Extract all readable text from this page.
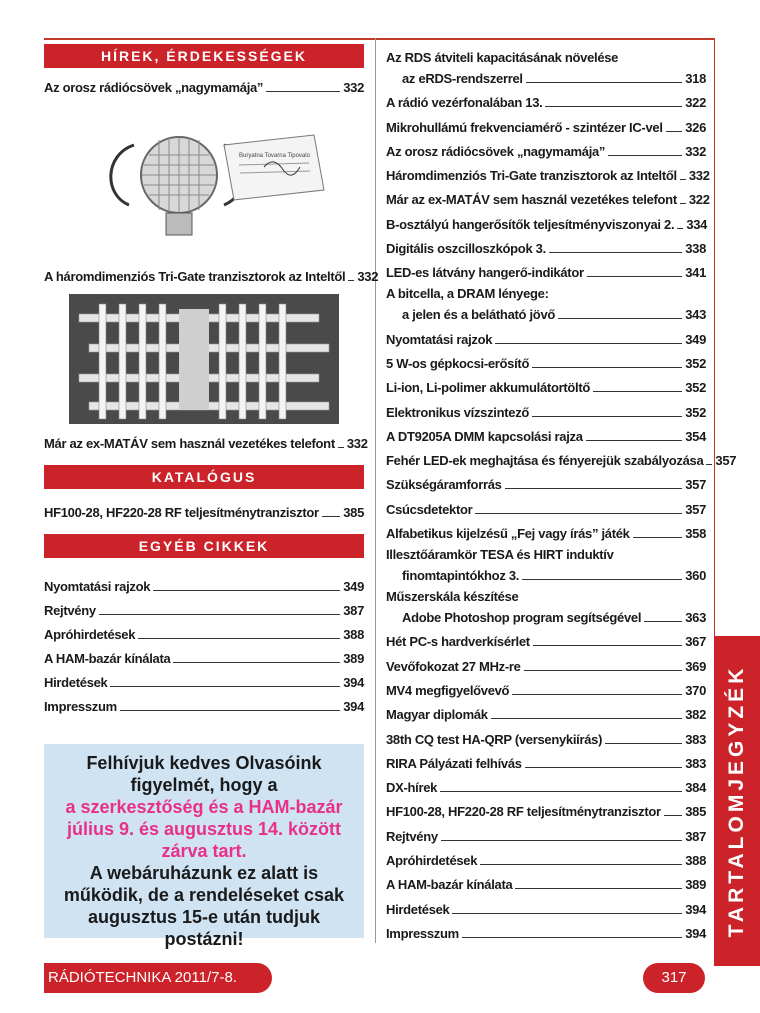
HÍREK, ÉRDEKESSÉGEK
Az orosz rádiócsövek „nagymamája”	332
Buryatna Tovarna Tipovalo
A háromdimenziós Tri-Gate tranzisztorok az Inteltől 332
Már az ex-MATÁV sem használ vezetékes telefont 332
KATALÓGUS
HF100-28, HF220-28 RF teljesítménytranzisztor 385
EGYÉB CIKKEK
Nyomtatási rajzok	349
Rejtvény	387
Apróhirdetések	388
A HAM-bazár kínálata	389
Hirdetések	394
Impresszum	394
Felhívjuk kedves Olvasóink
figyelmét, hogy a
a szerkesztőség és a HAM-bazár
július 9. és augusztus 14. között
zárva tart.
A webáruházunk ez alatt is
működik, de a rendeléseket csak
augusztus 15-e után tudjuk
postázni!
Az RDS átviteli kapacitásának növelése
az eRDS-rendszerrel	318
A rádió vezérfonalában 13.	322
Mikrohullámú frekvenciamérő - szintézer IC-vel 326
Az orosz rádiócsövek „nagymamája”	332
Háromdimenziós Tri-Gate tranzisztorok az Inteltől 332
Már az ex-MATÁV sem használ vezetékes telefont 322
B-osztályú hangerősítők teljesítményviszonyai 2. 334
Digitális oszcilloszkópok 3.	338
LED-es látvány hangerő-indikátor	341
A bitcella, a DRAM lényege:
a jelen és a belátható jövő	343
Nyomtatási rajzok	349
5 W-os gépkocsi-erősítő	352
Li-ion, Li-polimer akkumulátortöltő	352
Elektronikus vízszintező	352
A DT9205A DMM kapcsolási rajza	354
Fehér LED-ek meghajtása és fényerejük szabályozása 357
Szükségáramforrás	357
Csúcsdetektor	357
Alfabetikus kijelzésű „Fej vagy írás” játék	358
Illesztőáramkör TESA és HIRT induktív
finomtapintókhoz 3.	360
Műszerskála készítése
Adobe Photoshop program segítségével	363
Hét PC-s hardverkísérlet	367
Vevőfokozat 27 MHz-re	369
MV4 megfigyelővevő	370
Magyar diplomák	382
38th CQ test HA-QRP (versenykiírás)	383
RIRA Pályázati felhívás	383
DX-hírek	384
HF100-28, HF220-28 RF teljesítménytranzisztor 385
Rejtvény	387
Apróhirdetések	388
A HAM-bazár kínálata	389
Hirdetések	394
Impresszum	394
RÁDIÓTECHNIKA 2011/7-8.	317
TARTALOMJEGYZÉK
